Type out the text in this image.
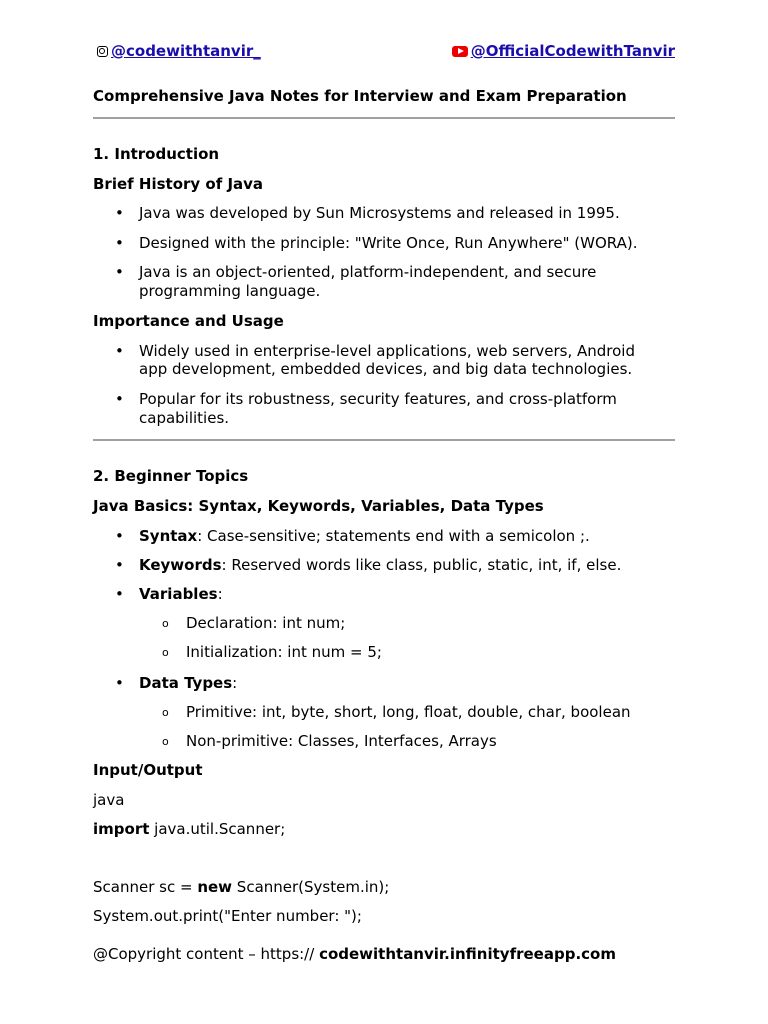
@codewithtanvir_	@OfficialCodewithTanvir
Comprehensive Java Notes for Interview and Exam Preparation
1. Introduction
Brief History of Java
• Java was developed by Sun Microsystems and released in 1995.
• Designed with the principle: "Write Once, Run Anywhere" (WORA).
• Java is an object-oriented, platform-independent, and secure
programming language.
Importance and Usage
• Widely used in enterprise-level applications, web servers, Android
app development, embedded devices, and big data technologies.
• Popular for its robustness, security features, and cross-platform
capabilities.
2. Beginner Topics
Java Basics: Syntax, Keywords, Variables, Data Types
• Syntax: Case-sensitive; statements end with a semicolon ;.
• Keywords: Reserved words like class, public, static, int, if, else.
• Variables:
o Declaration: int num;
o Initialization: int num = 5;
• Data Types:
o Primitive: int, byte, short, long, float, double, char, boolean
o Non-primitive: Classes, Interfaces, Arrays
Input/Output
java
import java.util.Scanner;
Scanner sc = new Scanner(System.in);
System.out.print("Enter number: ");
@Copyright content – https:// codewithtanvir.infinityfreeapp.com
